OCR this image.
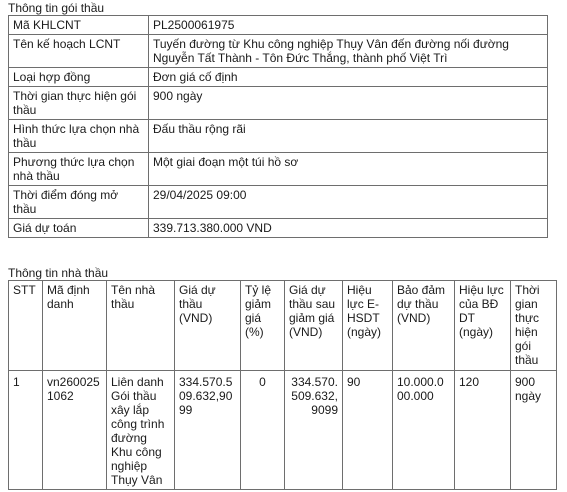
Thông tin gói thầu
Mã KHLCNT	PL2500061975
Tên kế hoạch LCNT	Tuyến đường từ Khu công nghiệp Thụy Vân đến đường nối đường Nguyễn Tất Thành - Tôn Đức Thắng, thành phố Việt Trì
Loại hợp đồng	Đơn giá cố định
Thời gian thực hiện gói thầu	900 ngày
Hình thức lựa chọn nhà thầu	Đấu thầu rộng rãi
Phương thức lựa chọn nhà thầu	Một giai đoạn một túi hồ sơ
Thời điểm đóng mở thầu	29/04/2025 09:00
Giá dự toán	339.713.380.000 VND
Thông tin nhà thầu
STT	Mã định danh	Tên nhà thầu	Giá dự thầu (VND)	Tỷ lệ giảm giá (%)	Giá dự thầu sau giảm giá (VND)	Hiệu lực E-HSDT (ngày)	Bảo đảm dự thầu (VND)	Hiệu lực của BĐ DT (ngày)	Thời gian thực hiện gói thầu
1	vn2600251062	Liên danh Gói thầu xây lắp công trình đường Khu công nghiệp Thụy Vân	334.570.509.632,9099	0	334.570.509.632,9099	90	10.000.000.000	120	900 ngày
